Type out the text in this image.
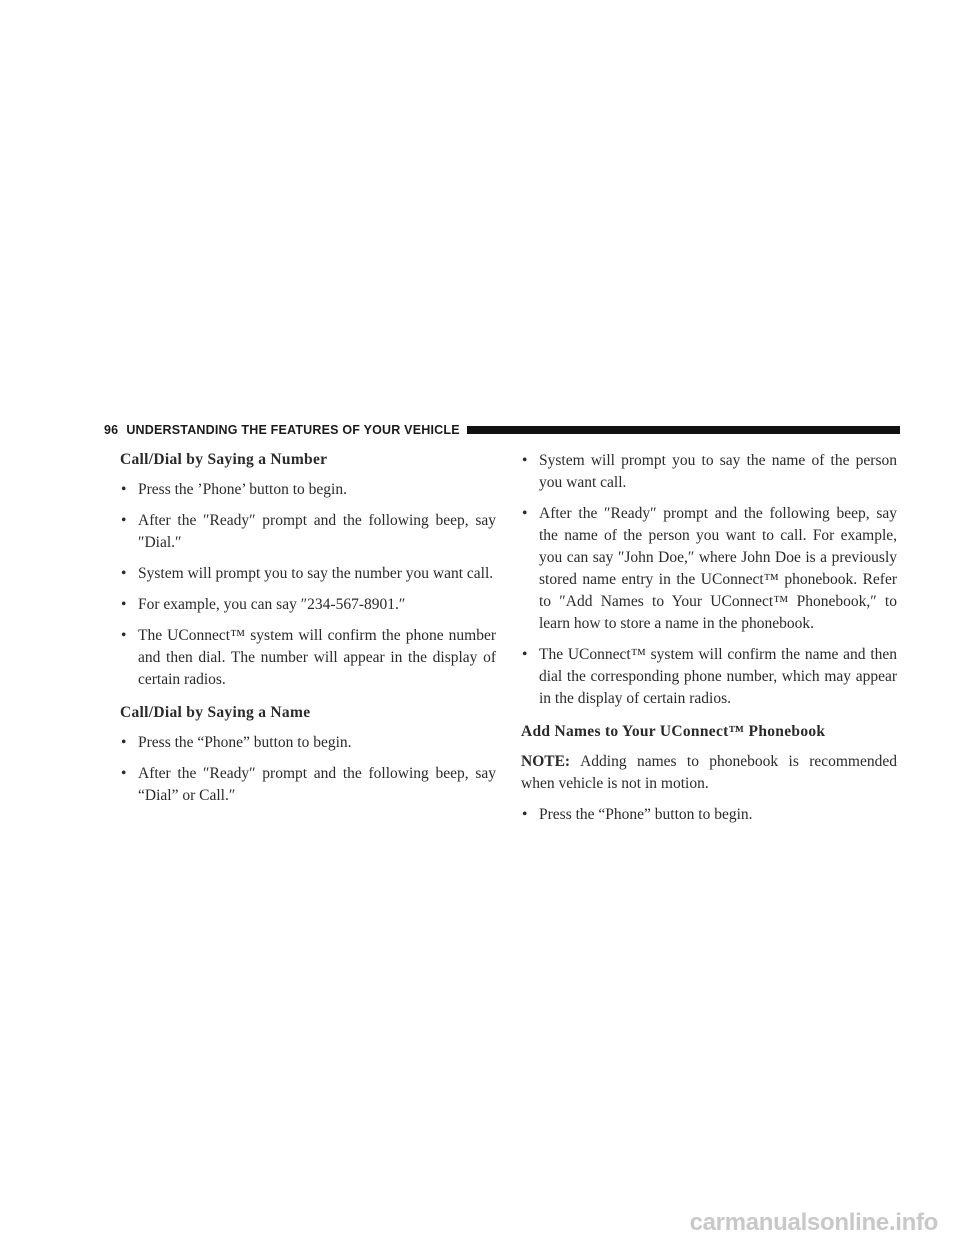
96 UNDERSTANDING THE FEATURES OF YOUR VEHICLE
Call/Dial by Saying a Number
• Press the ’Phone’ button to begin.
• After the ″Ready″ prompt and the following beep, say ″Dial.″
• System will prompt you to say the number you want call.
• For example, you can say ″234-567-8901.″
• The UConnect™ system will confirm the phone number and then dial. The number will appear in the display of certain radios.
Call/Dial by Saying a Name
• Press the “Phone” button to begin.
• After the ″Ready″ prompt and the following beep, say “Dial” or Call.″
• System will prompt you to say the name of the person you want call.
• After the ″Ready″ prompt and the following beep, say the name of the person you want to call. For example, you can say ″John Doe,″ where John Doe is a previously stored name entry in the UConnect™ phonebook. Refer to ″Add Names to Your UConnect™ Phonebook,″ to learn how to store a name in the phonebook.
• The UConnect™ system will confirm the name and then dial the corresponding phone number, which may appear in the display of certain radios.
Add Names to Your UConnect™ Phonebook
NOTE: Adding names to phonebook is recommended when vehicle is not in motion.
• Press the “Phone” button to begin.
carmanualsonline.info
